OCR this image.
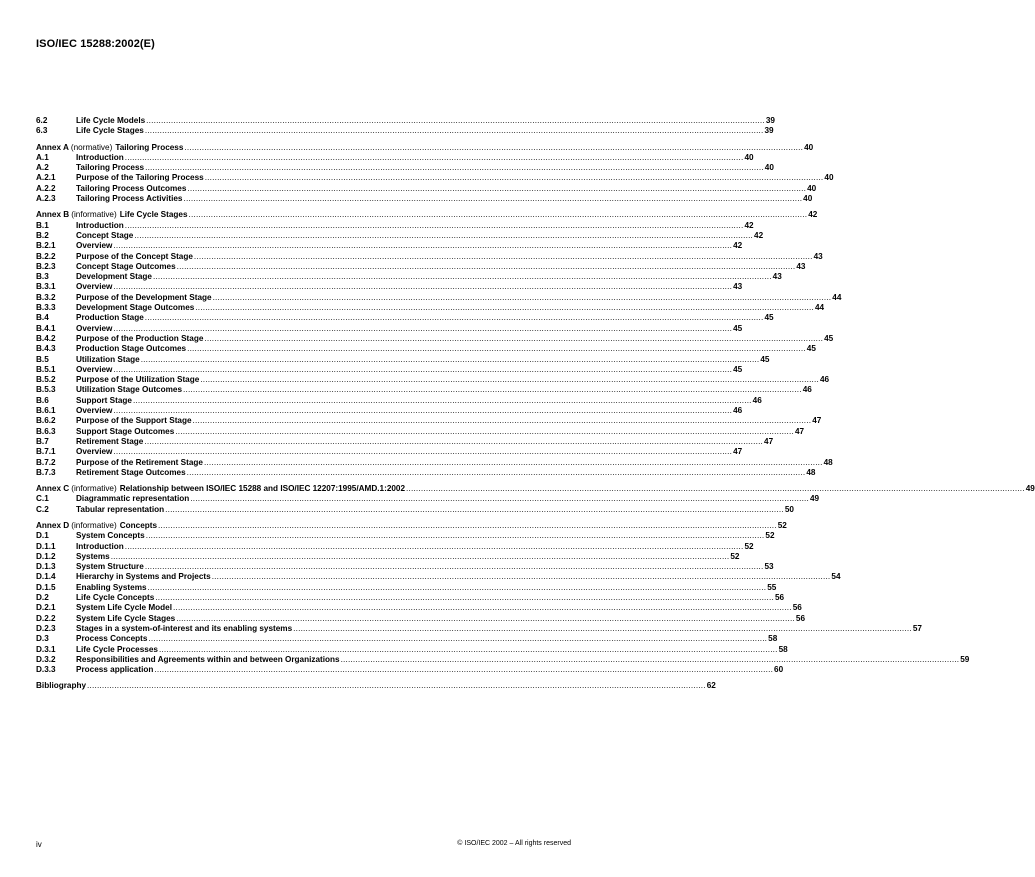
ISO/IEC 15288:2002(E)
6.2	Life Cycle Models .....	39
6.3	Life Cycle Stages .....	39
Annex A (normative) Tailoring Process .....	40
A.1	Introduction .....	40
A.2	Tailoring Process .....	40
A.2.1	Purpose of the Tailoring Process .....	40
A.2.2	Tailoring Process Outcomes .....	40
A.2.3	Tailoring Process Activities .....	40
Annex B (informative) Life Cycle Stages .....	42
B.1	Introduction .....	42
B.2	Concept Stage .....	42
B.2.1	Overview .....	42
B.2.2	Purpose of the Concept Stage .....	43
B.2.3	Concept Stage Outcomes .....	43
B.3	Development Stage .....	43
B.3.1	Overview .....	43
B.3.2	Purpose of the Development Stage .....	44
B.3.3	Development Stage Outcomes .....	44
B.4	Production Stage .....	45
B.4.1	Overview .....	45
B.4.2	Purpose of the Production Stage .....	45
B.4.3	Production Stage Outcomes .....	45
B.5	Utilization Stage .....	45
B.5.1	Overview .....	45
B.5.2	Purpose of the Utilization Stage .....	46
B.5.3	Utilization Stage Outcomes .....	46
B.6	Support Stage .....	46
B.6.1	Overview .....	46
B.6.2	Purpose of the Support Stage .....	47
B.6.3	Support Stage Outcomes .....	47
B.7	Retirement Stage .....	47
B.7.1	Overview .....	47
B.7.2	Purpose of the Retirement Stage .....	48
B.7.3	Retirement Stage Outcomes .....	48
Annex C (informative) Relationship between ISO/IEC 15288 and ISO/IEC 12207:1995/AMD.1:2002 .....	49
C.1	Diagrammatic representation .....	49
C.2	Tabular representation .....	50
Annex D (informative) Concepts .....	52
D.1	System Concepts .....	52
D.1.1	Introduction .....	52
D.1.2	Systems .....	52
D.1.3	System Structure .....	53
D.1.4	Hierarchy in Systems and Projects .....	54
D.1.5	Enabling Systems .....	55
D.2	Life Cycle Concepts .....	56
D.2.1	System Life Cycle Model .....	56
D.2.2	System Life Cycle Stages .....	56
D.2.3	Stages in a system-of-interest and its enabling systems .....	57
D.3	Process Concepts .....	58
D.3.1	Life Cycle Processes .....	58
D.3.2	Responsibilities and Agreements within and between Organizations .....	59
D.3.3	Process application .....	60
Bibliography .....	62
iv	© ISO/IEC 2002 – All rights reserved
